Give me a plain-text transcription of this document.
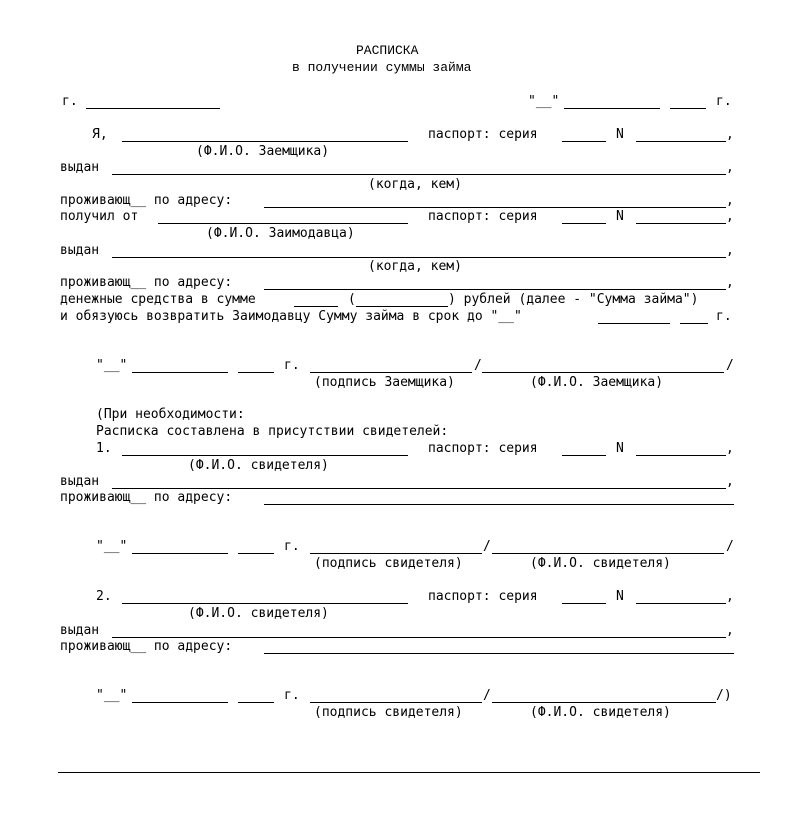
РАСПИСКА
в получении суммы займа
г.	"__"	г.
Я,	паспорт: серия	N	,
(Ф.И.О. Заемщика)
выдан	,
(когда, кем)
проживающ__ по адресу:	,
получил от	паспорт: серия	N	,
(Ф.И.О. Заимодавца)
выдан	,
(когда, кем)
проживающ__ по адресу:	,
денежные средства в сумме	(	) рублей (далее - "Сумма займа")
и обязуюсь возвратить Заимодавцу Сумму займа в срок до "__"	г.
"__"	г.	/	/
(подпись Заемщика)	(Ф.И.О. Заемщика)
(При необходимости:
Расписка составлена в присутствии свидетелей:
1.	паспорт: серия	N	,
(Ф.И.О. свидетеля)
выдан	,
проживающ__ по адресу:
"__"	г.	/	/
(подпись свидетеля)	(Ф.И.О. свидетеля)
2.	паспорт: серия	N	,
(Ф.И.О. свидетеля)
выдан	,
проживающ__ по адресу:
"__"	г.	/	/)
(подпись свидетеля)	(Ф.И.О. свидетеля)
